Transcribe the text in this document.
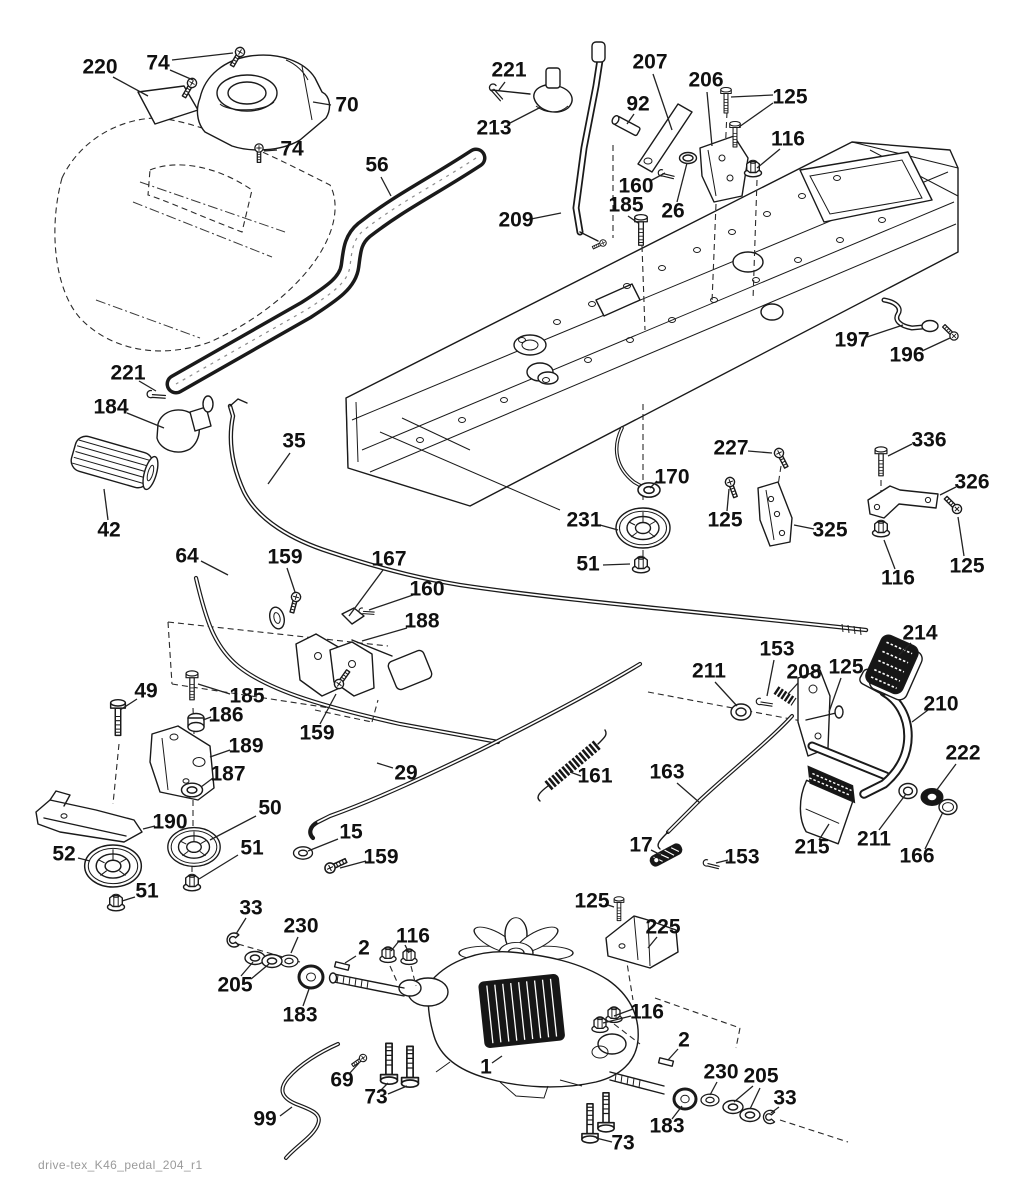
220 74
70
74
56
221
213
207
92
206
125
116
160
185 26
209
197
196
221
184
42
35
64	159	167
160
188
159
170
231
51
227
125	325
336
326
116
125
214
153
211	208 125
210
222
161 163
17
153 215 211
166
49	185
186
189
187
190
50
52	51
51
29
15
159
33
230
205
2
116
183
69
73
99
1
125
225
116
2
230 205
33
183
73
drive-tex_K46_pedal_204_r1
